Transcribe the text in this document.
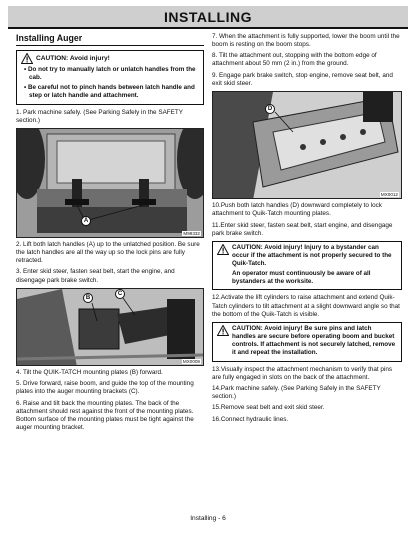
INSTALLING
Installing Auger
CAUTION: Avoid injury!

• Do not try to manually latch or unlatch handles from the cab.

• Be careful not to pinch hands between latch handle and step or latch handle and attachment.

1. Park machine safely. (See Parking Safely in the SAFETY section.)

A
M99332

2. Lift both latch handles (A) up to the unlatched position. Be sure the latch handles are all the way up so the lock pins are fully retracted.

3. Enter skid steer, fasten seat belt, start the engine, and disengage park brake switch.

B
C
MX0009

4. Tilt the QUIK-TATCH mounting plates (B) forward.

5. Drive forward, raise boom, and guide the top of the mounting plates into the auger mounting brackets (C).

6. Raise and tilt back the mounting plates. The back of the attachment should rest against the front of the mounting plates. Bottom surface of the mounting plates must be tight against the auger mounting bracket.

7. When the attachment is fully supported, lower the boom until the boom is resting on the boom stops.

8. Tilt the attachment out, stopping with the bottom edge of attachment about 50 mm (2 in.) from the ground.

9. Engage park brake switch, stop engine, remove seat belt, and exit skid steer.

D
MX0012

10.Push both latch handles (D) downward completely to lock attachment to Quik-Tatch mounting plates.

11.Enter skid steer, fasten seat belt, start engine, and disengage park brake switch.

CAUTION: Avoid injury! Injury to a bystander can occur if the attachment is not properly secured to the Quik-Tatch.

An operator must continuously be aware of all bystanders at the worksite.

12.Activate the lift cylinders to raise attachment and extend Quik-Tatch cylinders to tilt attachment at a slight downward angle so that the bottom of the Quik-Tatch is visible.

CAUTION: Avoid injury! Be sure pins and latch handles are secure before operating boom and bucket controls. If attachment is not securely latched, remove it and repeat the installation.

13.Visually inspect the attachment mechanism to verify that pins are fully engaged in slots on the back of the attachment.

14.Park machine safely. (See Parking Safely in the SAFETY section.)

15.Remove seat belt and exit skid steer.

16.Connect hydraulic lines.

Installing - 6
